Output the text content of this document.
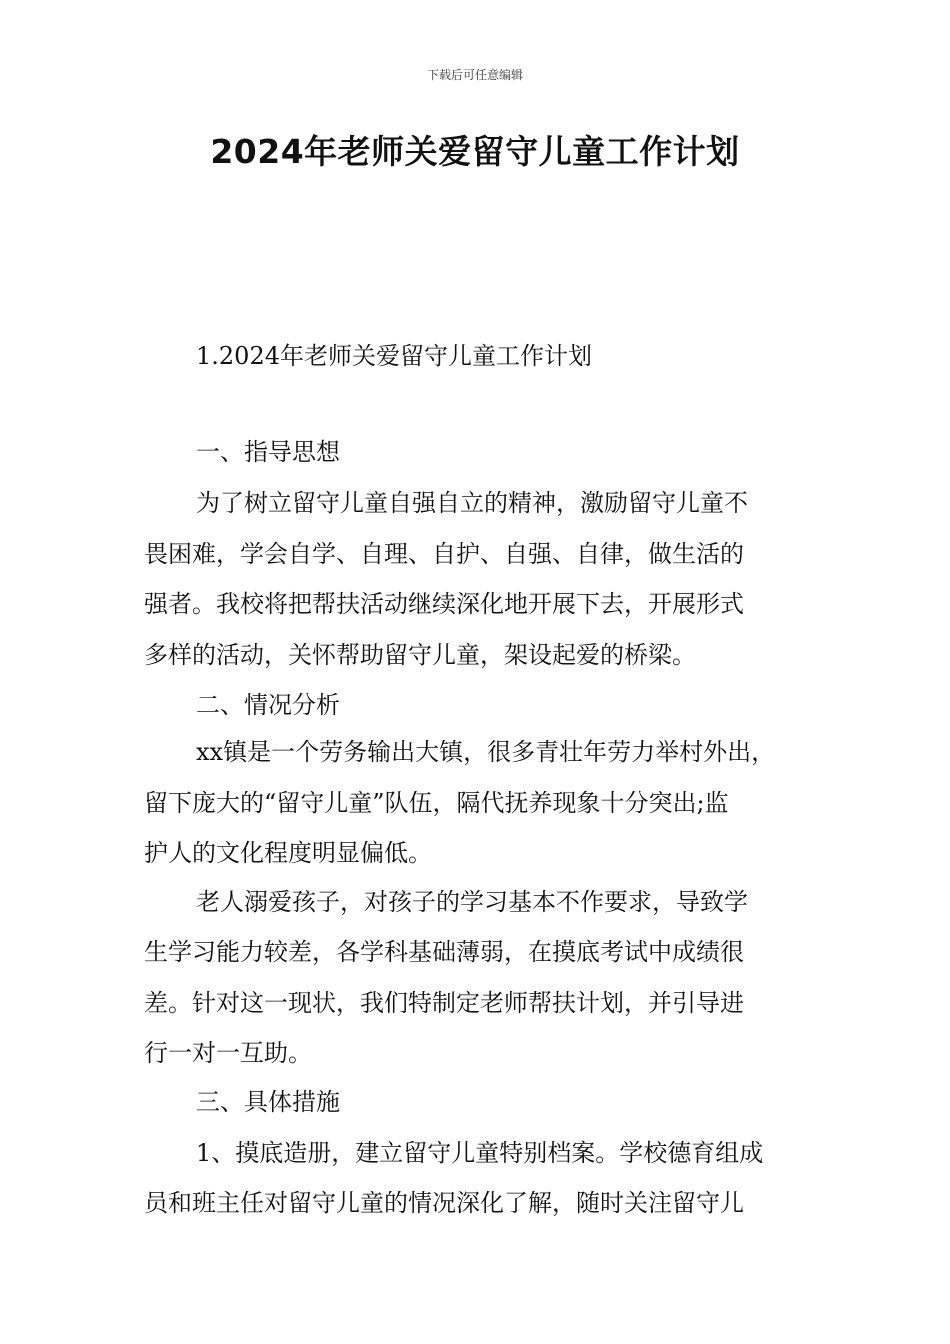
下载后可任意编辑
2024年老师关爱留守儿童工作计划
1.2024年老师关爱留守儿童工作计划
一、指导思想
为了树立留守儿童自强自立的精神，激励留守儿童不
畏困难，学会自学、自理、自护、自强、自律，做生活的
强者。我校将把帮扶活动继续深化地开展下去，开展形式
多样的活动，关怀帮助留守儿童，架设起爱的桥梁。
二、情况分析
xx镇是一个劳务输出大镇，很多青壮年劳力举村外出，
留下庞大的“留守儿童”队伍，隔代抚养现象十分突出;监
护人的文化程度明显偏低。
老人溺爱孩子，对孩子的学习基本不作要求，导致学
生学习能力较差，各学科基础薄弱，在摸底考试中成绩很
差。针对这一现状，我们特制定老师帮扶计划，并引导进
行一对一互助。
三、具体措施
1、摸底造册，建立留守儿童特别档案。学校德育组成
员和班主任对留守儿童的情况深化了解，随时关注留守儿
